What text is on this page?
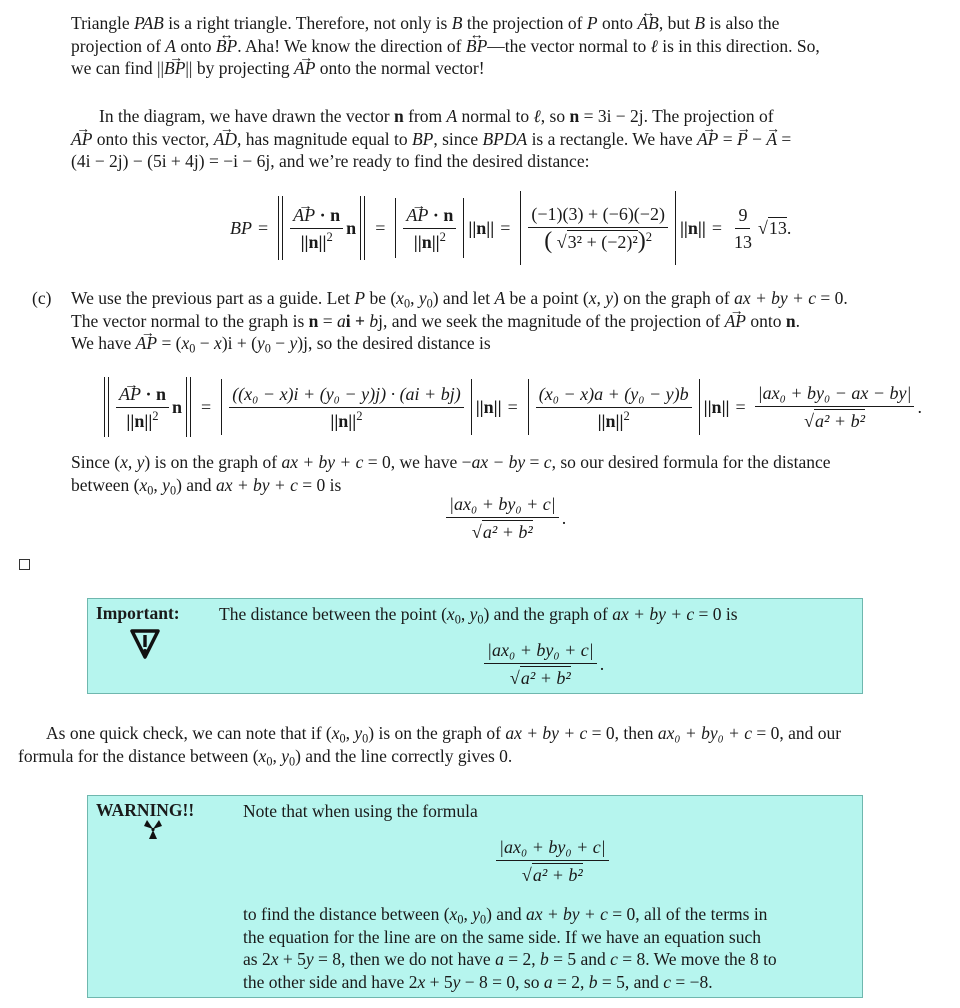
Triangle PAB is a right triangle. Therefore, not only is B the projection of P onto ↔ AB, but B is also the
projection of A onto ↔ BP. Aha! We know the direction of ↔ BP—the vector normal to ℓ is in this direction. So,
we can find ||→ BP|| by projecting → AP onto the normal vector!
In the diagram, we have drawn the vector n from A normal to ℓ, so n = 3i − 2j. The projection of
→ AP onto this vector, → AD, has magnitude equal to BP, since BPDA is a rectangle. We have → AP = → P − → A =
(4i − 2j) − (5i + 4j) = −i − 6j, and we’re ready to find the desired distance:
BP = → $\frac{AP \cdot n}{||n||^2}$ n = → $\frac{AP \cdot n}{||n||^2} ||n|| = \frac{(-1)(3) + (-6)(-2)}{( √3^2 + (-2)^2)^2} ||n|| = \frac{9}{13} √13$ .
(c) We use the previous part as a guide. Let P be ($x_0$, $y_0$) and let A be a point (x, y) on the graph of ax + by + c = 0.
The vector normal to the graph is n = ai + bj, and we seek the magnitude of the projection of → AP onto n.
We have → AP = $(x_0 - x)i + (y_0 - y)j$, so the desired distance is
→ $\frac{AP \cdot n}{||n||^2}$ $n = \frac{\text{((x₀ − x)i + (y₀ − y)j) · (ai + bj)}}{||n||^2} ||n|| = \frac{\text{(x₀ − x)a + (y₀ − y)b}}{||n||^2} ||n|| = \frac{\text{|ax₀ + by₀ − ax − by|}}{\text{√a² + b²}}$ .
Since (x, y) is on the graph of ax + by + c = 0, we have −ax − by = c, so our desired formula for the distance
between ($x_0$, $y_0$) and ax + by + c = 0 is
$\frac{\text{|ax₀ + by₀ + c|}}{\text{√a² + b²}}$ .
Important: The distance between the point ($x_0$, $y_0$) and the graph of ax + by + c = 0 is
$\frac{\text{|ax₀ + by₀ + c|}}{\text{√a² + b²}}$ .
As one quick check, we can note that if ($x_0$, $y_0$) is on the graph of ax + by + c = 0, then ax₀ + by₀ + c = 0, and our
formula for the distance between ($x_0$, $y_0$) and the line correctly gives 0.
WARNING!!	Note that when using the formula
$\frac{\text{|ax₀ + by₀ + c|}}{\text{√a² + b²}}$
to find the distance between ($x_0$, $y_0$) and ax + by + c = 0, all of the terms in
the equation for the line are on the same side. If we have an equation such
as 2x + 5y = 8, then we do not have a = 2, b = 5 and c = 8. We move the 8 to
the other side and have 2x + 5y − 8 = 0, so a = 2, b = 5, and c = −8.
